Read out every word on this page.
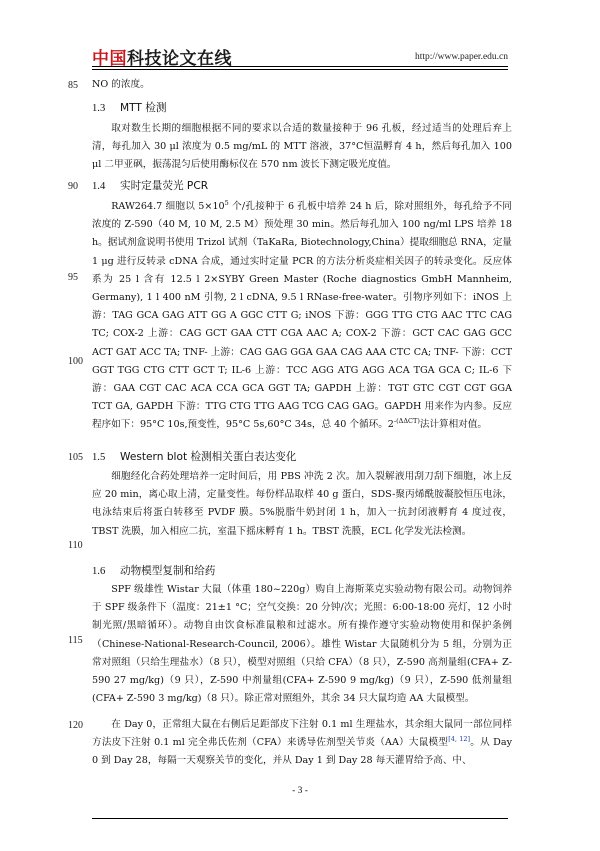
中国科技论文在线	http://www.paper.edu.cn
85
90
95
100
105
110
115
120

NO 的浓度。

1.3 MTT 检测

取对数生长期的细胞根据不同的要求以合适的数量接种于 96 孔板，经过适当的处理后弃上清，每孔加入 30 μl 浓度为 0.5 mg/mL 的 MTT 溶液，37°C恒温孵育 4 h，然后每孔加入 100 μl 二甲亚砜，振荡混匀后使用酶标仪在 570 nm 波长下测定吸光度值。

1.4 实时定量荧光 PCR

RAW264.7 细胞以 $5\times 10^5$ 个/孔接种于 6 孔板中培养 24 h 后，除对照组外，每孔给予不同浓度的 Z-590（40 M, 10 M, 2.5 M）预处理 30 min。然后每孔加入 100 ng/ml LPS 培养 18 h。据试剂盒说明书使用 Trizol 试剂（TaKaRa, Biotechnology,China）提取细胞总 RNA，定量 1 μg 进行反转录 cDNA 合成，通过实时定量 PCR 的方法分析炎症相关因子的转录变化。反应体系为 25 l 含有 12.5 l 2×SYBY Green Master (Roche diagnostics GmbH Mannheim, Germany), 1 l 400 nM 引物, 2 l cDNA, 9.5 l RNase-free-water。引物序列如下：iNOS 上游：TAG GCA GAG ATT GG A GGC CTT G; iNOS 下游：GGG TTG CTG AAC TTC CAG TC; COX-2 上游：CAG GCT GAA CTT CGA AAC A; COX-2 下游：GCT CAC GAG GCC ACT GAT ACC TA; TNF- 上游：CAG GAG GGA GAA CAG AAA CTC CA; TNF- 下游：CCT GGT TGG CTG CTT GCT T; IL-6 上游：TCC AGG ATG AGG ACA TGA GCA C; IL-6 下游：GAA CGT CAC ACA CCA GCA GGT TA; GAPDH 上游：TGT GTC CGT CGT GGA TCT GA, GAPDH 下游：TTG CTG TTG AAG TCG CAG GAG。GAPDH 用来作为内参。反应程序如下：95°C 10s,预变性，95°C 5s,60°C 34s，总 40 个循环。$2^{-(\Delta\Delta CT)}$法计算相对值。

1.5 Western blot 检测相关蛋白表达变化

细胞经化合药处理培养一定时间后，用 PBS 冲洗 2 次。加入裂解液用刮刀刮下细胞，冰上反应 20 min，离心取上清，定量变性。每份样品取样 40 g 蛋白，SDS-聚丙烯酰胺凝胶恒压电泳，电泳结束后将蛋白转移至 PVDF 膜。5%脱脂牛奶封闭 1 h，加入一抗封闭液孵育 4 度过夜，TBST 洗膜，加入相应二抗，室温下摇床孵育 1 h。TBST 洗膜，ECL 化学发光法检测。

1.6 动物模型复制和给药

SPF 级雄性 Wistar 大鼠（体重 180~220g）购自上海斯莱克实验动物有限公司。动物饲养于 SPF 级条件下（温度：21±1 °C；空气交换：20 分钟/次；光照：6:00-18:00 亮灯，12 小时制光照/黑暗循环）。动物自由饮食标准鼠粮和过滤水。所有操作遵守实验动物使用和保护条例（Chinese-National-Research-Council, 2006）。雄性 Wistar 大鼠随机分为 5 组，分别为正常对照组（只给生理盐水）（8 只），模型对照组（只给 CFA）（8 只），Z-590 高剂量组(CFA+ Z-590 27 mg/kg)（9 只），Z-590 中剂量组(CFA+ Z-590 9 mg/kg)（9 只），Z-590 低剂量组(CFA+ Z-590 3 mg/kg)（8 只）。除正常对照组外，其余 34 只大鼠均造 AA 大鼠模型。

在 Day 0，正常组大鼠在右侧后足距部皮下注射 0.1 ml 生理盐水，其余组大鼠同一部位同样方法皮下注射 0.1 ml 完全弗氏佐剂（CFA）来诱导佐剂型关节炎（AA）大鼠模型[4, 12]。从 Day 0 到 Day 28，每隔一天观察关节的变化，并从 Day 1 到 Day 28 每天灌胃给予高、中、

- 3 -
